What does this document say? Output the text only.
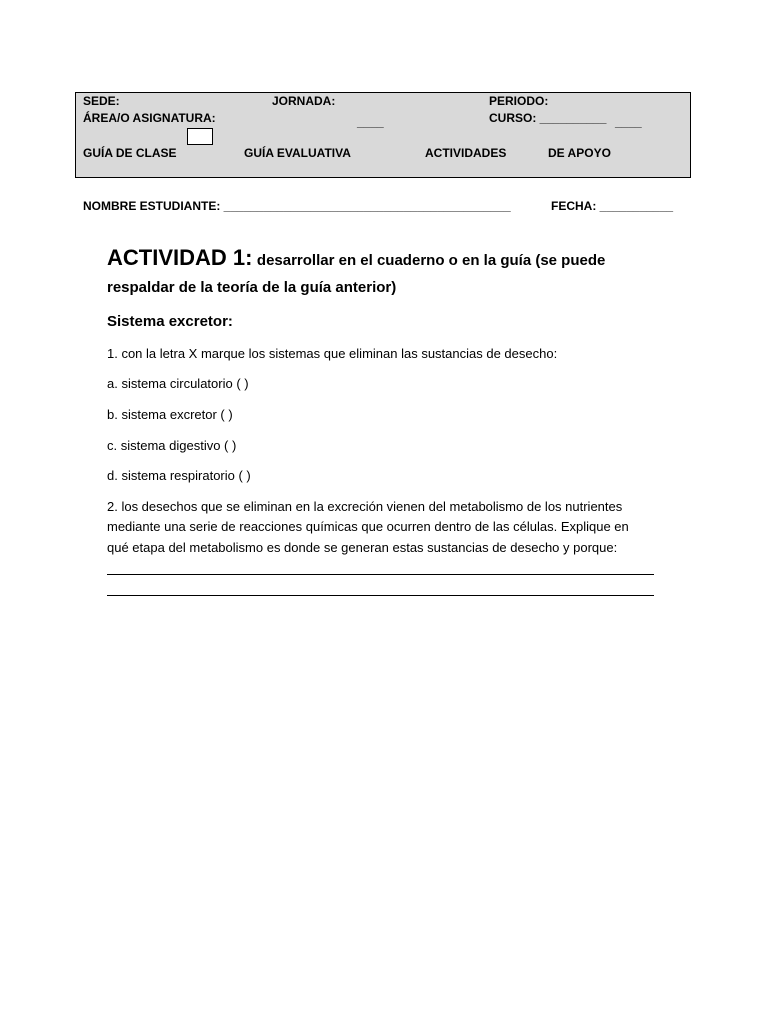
SEDE:	JORNADA:	PERIODO:
ÁREA/O ASIGNATURA:	____	CURSO: __________ ____
GUÍA DE CLASE	GUÍA EVALUATIVA	ACTIVIDADES	DE APOYO
NOMBRE ESTUDIANTE: ___________________________________________	FECHA: ___________
ACTIVIDAD 1: desarrollar en el cuaderno o en la guía (se puede
respaldar de la teoría de la guía anterior)
Sistema excretor:
1. con la letra X marque los sistemas que eliminan las sustancias de desecho:
a. sistema circulatorio ( )
b. sistema excretor ( )
c. sistema digestivo ( )
d. sistema respiratorio ( )
2. los desechos que se eliminan en la excreción vienen del metabolismo de los nutrientes
mediante una serie de reacciones químicas que ocurren dentro de las células. Explique en
qué etapa del metabolismo es donde se generan estas sustancias de desecho y porque:
